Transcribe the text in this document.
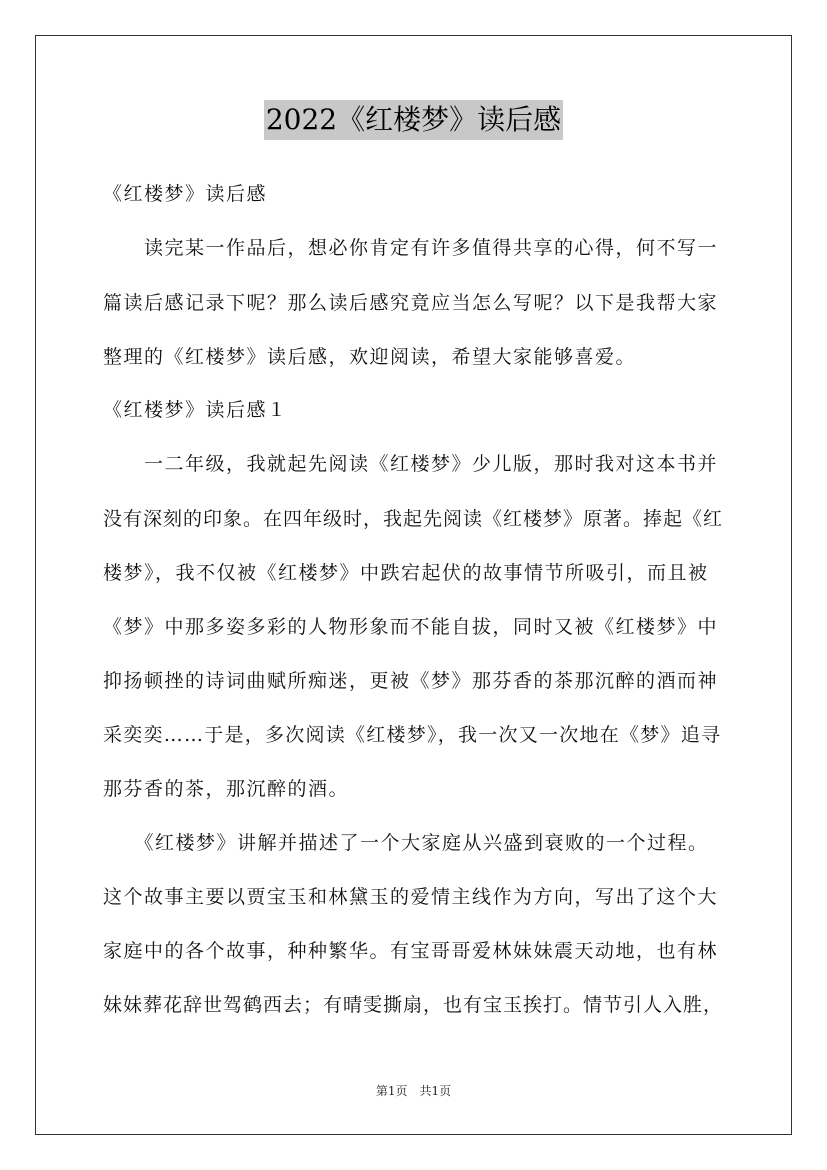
2022《红楼梦》读后感
《红楼梦》读后感
　　读完某一作品后，想必你肯定有许多值得共享的心得，何不写一
篇读后感记录下呢？那么读后感究竟应当怎么写呢？以下是我帮大家
整理的《红楼梦》读后感，欢迎阅读，希望大家能够喜爱。
《红楼梦》读后感１
　　一二年级，我就起先阅读《红楼梦》少儿版，那时我对这本书并
没有深刻的印象。在四年级时，我起先阅读《红楼梦》原著。捧起《红
楼梦》，我不仅被《红楼梦》中跌宕起伏的故事情节所吸引，而且被
《梦》中那多姿多彩的人物形象而不能自拔，同时又被《红楼梦》中
抑扬顿挫的诗词曲赋所痴迷，更被《梦》那芬香的茶那沉醉的酒而神
采奕奕……于是，多次阅读《红楼梦》，我一次又一次地在《梦》追寻
那芬香的茶，那沉醉的酒。
　　《红楼梦》讲解并描述了一个大家庭从兴盛到衰败的一个过程。
这个故事主要以贾宝玉和林黛玉的爱情主线作为方向，写出了这个大
家庭中的各个故事，种种繁华。有宝哥哥爱林妹妹震天动地，也有林
妹妹葬花辞世驾鹤西去；有晴雯撕扇，也有宝玉挨打。情节引人入胜，
第1页　共1页
